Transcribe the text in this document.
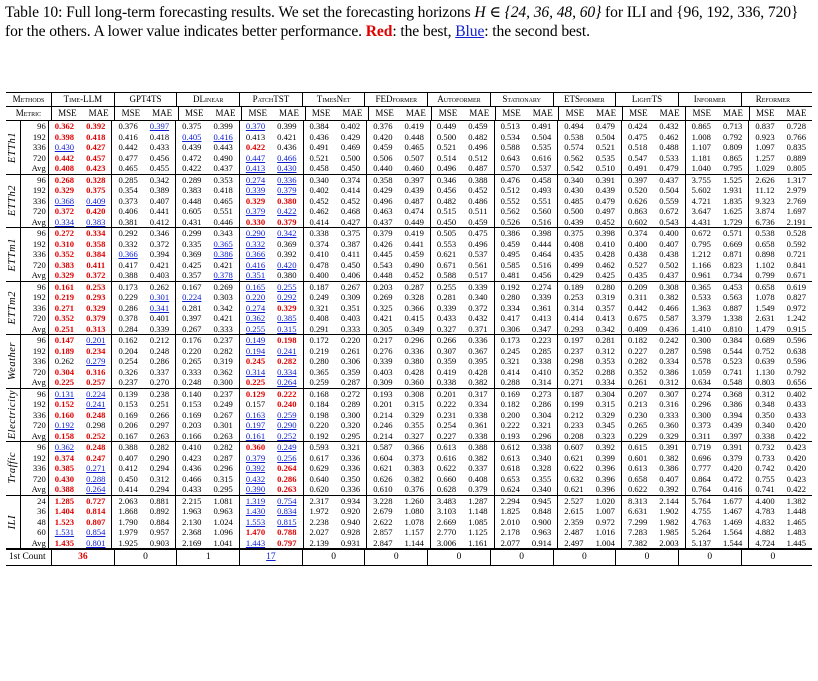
Table 10: Full long-term forecasting results. We set the forecasting horizons H ∈ {24, 36, 48, 60} for ILI and {96, 192, 336, 720} for the others. A lower value indicates better performance. Red: the best, Blue: the second best.
Methods	Time-LLM	GPT4TS	DLinear	PatchTST	TimesNet	FEDformer	Autoformer	Stationary	ETSformer	LightTS	Informer	Reformer
Metric	MSE	MAE	MSE	MAE	MSE	MAE	MSE	MAE	MSE	MAE	MSE	MAE	MSE	MAE	MSE	MAE	MSE	MAE	MSE	MAE	MSE	MAE	MSE	MAE
ETTh1
96	0.362	0.392	0.376	0.397	0.375	0.399	0.370	0.399	0.384	0.402	0.376	0.419	0.449	0.459	0.513	0.491	0.494	0.479	0.424	0.432	0.865	0.713	0.837	0.728
192	0.398	0.418	0.416	0.418	0.405	0.416	0.413	0.421	0.436	0.429	0.420	0.448	0.500	0.482	0.534	0.504	0.538	0.504	0.475	0.462	1.008	0.792	0.923	0.766
336	0.430	0.427	0.442	0.433	0.439	0.443	0.422	0.436	0.491	0.469	0.459	0.465	0.521	0.496	0.588	0.535	0.574	0.521	0.518	0.488	1.107	0.809	1.097	0.835
720	0.442	0.457	0.477	0.456	0.472	0.490	0.447	0.466	0.521	0.500	0.506	0.507	0.514	0.512	0.643	0.616	0.562	0.535	0.547	0.533	1.181	0.865	1.257	0.889
Avg	0.408	0.423	0.465	0.455	0.422	0.437	0.413	0.430	0.458	0.450	0.440	0.460	0.496	0.487	0.570	0.537	0.542	0.510	0.491	0.479	1.040	0.795	1.029	0.805
ETTh2
96	0.268	0.328	0.285	0.342	0.289	0.353	0.274	0.336	0.340	0.374	0.358	0.397	0.346	0.388	0.476	0.458	0.340	0.391	0.397	0.437	3.755	1.525	2.626	1.317
192	0.329	0.375	0.354	0.389	0.383	0.418	0.339	0.379	0.402	0.414	0.429	0.439	0.456	0.452	0.512	0.493	0.430	0.439	0.520	0.504	5.602	1.931	11.12	2.979
336	0.368	0.409	0.373	0.407	0.448	0.465	0.329	0.380	0.452	0.452	0.496	0.487	0.482	0.486	0.552	0.551	0.485	0.479	0.626	0.559	4.721	1.835	9.323	2.769
720	0.372	0.420	0.406	0.441	0.605	0.551	0.379	0.422	0.462	0.468	0.463	0.474	0.515	0.511	0.562	0.560	0.500	0.497	0.863	0.672	3.647	1.625	3.874	1.697
Avg	0.334	0.383	0.381	0.412	0.431	0.446	0.330	0.379	0.414	0.427	0.437	0.449	0.450	0.459	0.526	0.516	0.439	0.452	0.602	0.543	4.431	1.729	6.736	2.191
ETTm1
96	0.272	0.334	0.292	0.346	0.299	0.343	0.290	0.342	0.338	0.375	0.379	0.419	0.505	0.475	0.386	0.398	0.375	0.398	0.374	0.400	0.672	0.571	0.538	0.528
192	0.310	0.358	0.332	0.372	0.335	0.365	0.332	0.369	0.374	0.387	0.426	0.441	0.553	0.496	0.459	0.444	0.408	0.410	0.400	0.407	0.795	0.669	0.658	0.592
336	0.352	0.384	0.366	0.394	0.369	0.386	0.366	0.392	0.410	0.411	0.445	0.459	0.621	0.537	0.495	0.464	0.435	0.428	0.438	0.438	1.212	0.871	0.898	0.721
720	0.383	0.411	0.417	0.421	0.425	0.421	0.416	0.420	0.478	0.450	0.543	0.490	0.671	0.561	0.585	0.516	0.499	0.462	0.527	0.502	1.166	0.823	1.102	0.841
Avg	0.329	0.372	0.388	0.403	0.357	0.378	0.351	0.380	0.400	0.406	0.448	0.452	0.588	0.517	0.481	0.456	0.429	0.425	0.435	0.437	0.961	0.734	0.799	0.671
ETTm2
96	0.161	0.253	0.173	0.262	0.167	0.269	0.165	0.255	0.187	0.267	0.203	0.287	0.255	0.339	0.192	0.274	0.189	0.280	0.209	0.308	0.365	0.453	0.658	0.619
192	0.219	0.293	0.229	0.301	0.224	0.303	0.220	0.292	0.249	0.309	0.269	0.328	0.281	0.340	0.280	0.339	0.253	0.319	0.311	0.382	0.533	0.563	1.078	0.827
336	0.271	0.329	0.286	0.341	0.281	0.342	0.274	0.329	0.321	0.351	0.325	0.366	0.339	0.372	0.334	0.361	0.314	0.357	0.442	0.466	1.363	0.887	1.549	0.972
720	0.352	0.379	0.378	0.401	0.397	0.421	0.362	0.385	0.408	0.403	0.421	0.415	0.433	0.432	0.417	0.413	0.414	0.413	0.675	0.587	3.379	1.338	2.631	1.242
Avg	0.251	0.313	0.284	0.339	0.267	0.333	0.255	0.315	0.291	0.333	0.305	0.349	0.327	0.371	0.306	0.347	0.293	0.342	0.409	0.436	1.410	0.810	1.479	0.915
Weather
96	0.147	0.201	0.162	0.212	0.176	0.237	0.149	0.198	0.172	0.220	0.217	0.296	0.266	0.336	0.173	0.223	0.197	0.281	0.182	0.242	0.300	0.384	0.689	0.596
192	0.189	0.234	0.204	0.248	0.220	0.282	0.194	0.241	0.219	0.261	0.276	0.336	0.307	0.367	0.245	0.285	0.237	0.312	0.227	0.287	0.598	0.544	0.752	0.638
336	0.262	0.279	0.254	0.286	0.265	0.319	0.245	0.282	0.280	0.306	0.339	0.380	0.359	0.395	0.321	0.338	0.298	0.353	0.282	0.334	0.578	0.523	0.639	0.596
720	0.304	0.316	0.326	0.337	0.333	0.362	0.314	0.334	0.365	0.359	0.403	0.428	0.419	0.428	0.414	0.410	0.352	0.288	0.352	0.386	1.059	0.741	1.130	0.792
Avg	0.225	0.257	0.237	0.270	0.248	0.300	0.225	0.264	0.259	0.287	0.309	0.360	0.338	0.382	0.288	0.314	0.271	0.334	0.261	0.312	0.634	0.548	0.803	0.656
Electricity	96	0.131	0.224	0.139	0.238	0.140	0.237	0.129	0.222	0.168	0.272	0.193	0.308	0.201	0.317	0.169	0.273	0.187	0.304	0.207	0.307	0.274	0.368	0.312	0.402
192	0.152	0.241	0.153	0.251	0.153	0.249	0.157	0.240	0.184	0.289	0.201	0.315	0.222	0.334	0.182	0.286	0.199	0.315	0.213	0.316	0.296	0.386	0.348	0.433
336	0.160	0.248	0.169	0.266	0.169	0.267	0.163	0.259	0.198	0.300	0.214	0.329	0.231	0.338	0.200	0.304	0.212	0.329	0.230	0.333	0.300	0.394	0.350	0.433
720	0.192	0.298	0.206	0.297	0.203	0.301	0.197	0.290	0.220	0.320	0.246	0.355	0.254	0.361	0.222	0.321	0.233	0.345	0.265	0.360	0.373	0.439	0.340	0.420
Avg	0.158	0.252	0.167	0.263	0.166	0.263	0.161	0.252	0.192	0.295	0.214	0.327	0.227	0.338	0.193	0.296	0.208	0.323	0.229	0.329	0.311	0.397	0.338	0.422
Traffic
96	0.362	0.248	0.388	0.282	0.410	0.282	0.360	0.249	0.593	0.321	0.587	0.366	0.613	0.388	0.612	0.338	0.607	0.392	0.615	0.391	0.719	0.391	0.732	0.423
192	0.374	0.247	0.407	0.290	0.423	0.287	0.379	0.256	0.617	0.336	0.604	0.373	0.616	0.382	0.613	0.340	0.621	0.399	0.601	0.382	0.696	0.379	0.733	0.420
336	0.385	0.271	0.412	0.294	0.436	0.296	0.392	0.264	0.629	0.336	0.621	0.383	0.622	0.337	0.618	0.328	0.622	0.396	0.613	0.386	0.777	0.420	0.742	0.420
720	0.430	0.288	0.450	0.312	0.466	0.315	0.432	0.286	0.640	0.350	0.626	0.382	0.660	0.408	0.653	0.355	0.632	0.396	0.658	0.407	0.864	0.472	0.755	0.423
Avg	0.388	0.264	0.414	0.294	0.433	0.295	0.390	0.263	0.620	0.336	0.610	0.376	0.628	0.379	0.624	0.340	0.621	0.396	0.622	0.392	0.764	0.416	0.741	0.422
ILI
24	1.285	0.727	2.063	0.881	2.215	1.081	1.319	0.754	2.317	0.934	3.228	1.260	3.483	1.287	2.294	0.945	2.527	1.020	8.313	2.144	5.764	1.677	4.400	1.382
36	1.404	0.814	1.868	0.892	1.963	0.963	1.430	0.834	1.972	0.920	2.679	1.080	3.103	1.148	1.825	0.848	2.615	1.007	6.631	1.902	4.755	1.467	4.783	1.448
48	1.523	0.807	1.790	0.884	2.130	1.024	1.553	0.815	2.238	0.940	2.622	1.078	2.669	1.085	2.010	0.900	2.359	0.972	7.299	1.982	4.763	1.469	4.832	1.465
60	1.531	0.854	1.979	0.957	2.368	1.096	1.470	0.788	2.027	0.928	2.857	1.157	2.770	1.125	2.178	0.963	2.487	1.016	7.283	1.985	5.264	1.564	4.882	1.483
Avg	1.435	0.801	1.925	0.903	2.169	1.041	1.443	0.797	2.139	0.931	2.847	1.144	3.006	1.161	2.077	0.914	2.497	1.004	7.382	2.003	5.137	1.544	4.724	1.445
1st Count	36	0	1	17	0	0	0	0	0	0	0	0
